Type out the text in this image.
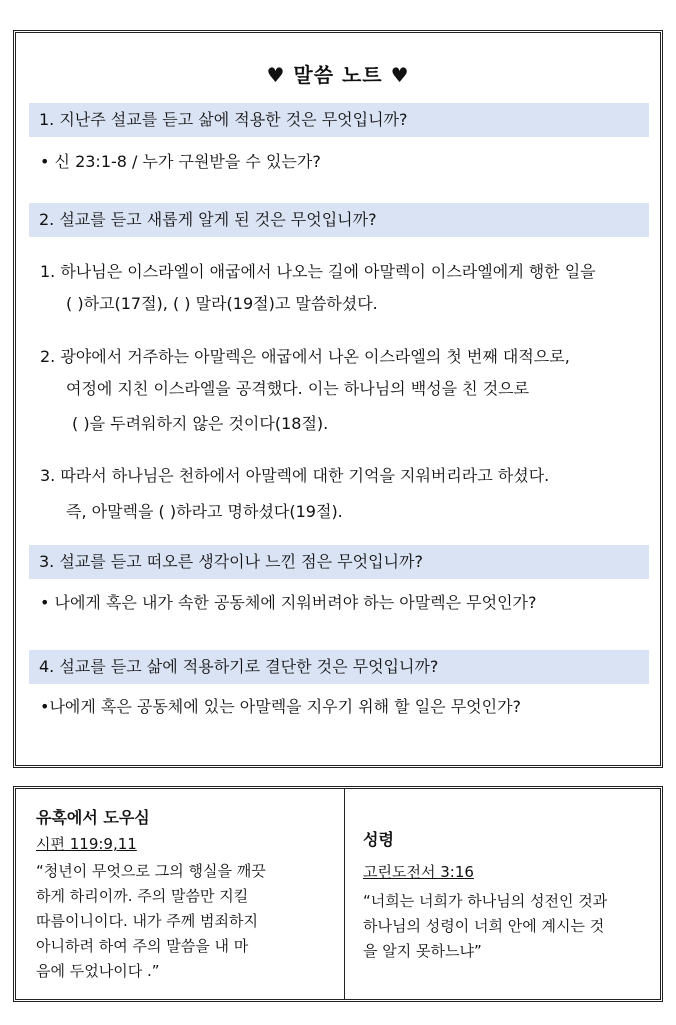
♥ 말씀 노트 ♥
1. 지난주 설교를 듣고 삶에 적용한 것은 무엇입니까?
• 신 23:1-8 / 누가 구원받을 수 있는가?
2. 설교를 듣고 새롭게 알게 된 것은 무엇입니까?
1. 하나님은 이스라엘이 애굽에서 나오는 길에 아말렉이 이스라엘에게 행한 일을
( )하고(17절), ( ) 말라(19절)고 말씀하셨다.
2. 광야에서 거주하는 아말렉은 애굽에서 나온 이스라엘의 첫 번째 대적으로,
여정에 지친 이스라엘을 공격했다. 이는 하나님의 백성을 친 것으로
( )을 두려워하지 않은 것이다(18절).
3. 따라서 하나님은 천하에서 아말렉에 대한 기억을 지워버리라고 하셨다.
즉, 아말렉을 ( )하라고 명하셨다(19절).
3. 설교를 듣고 떠오른 생각이나 느낀 점은 무엇입니까?
• 나에게 혹은 내가 속한 공동체에 지워버려야 하는 아말렉은 무엇인가?
4. 설교를 듣고 삶에 적용하기로 결단한 것은 무엇입니까?
•나에게 혹은 공동체에 있는 아말렉을 지우기 위해 할 일은 무엇인가?
유혹에서 도우심
시편 119:9,11
“청년이 무엇으로 그의 행실을 깨끗
하게 하리이까. 주의 말씀만 지킬
따름이니이다. 내가 주께 범죄하지
아니하려 하여 주의 말씀을 내 마
음에 두었나이다 .”
성령
고린도전서 3:16
“너희는 너희가 하나님의 성전인 것과
하나님의 성령이 너희 안에 계시는 것
을 알지 못하느냐”
